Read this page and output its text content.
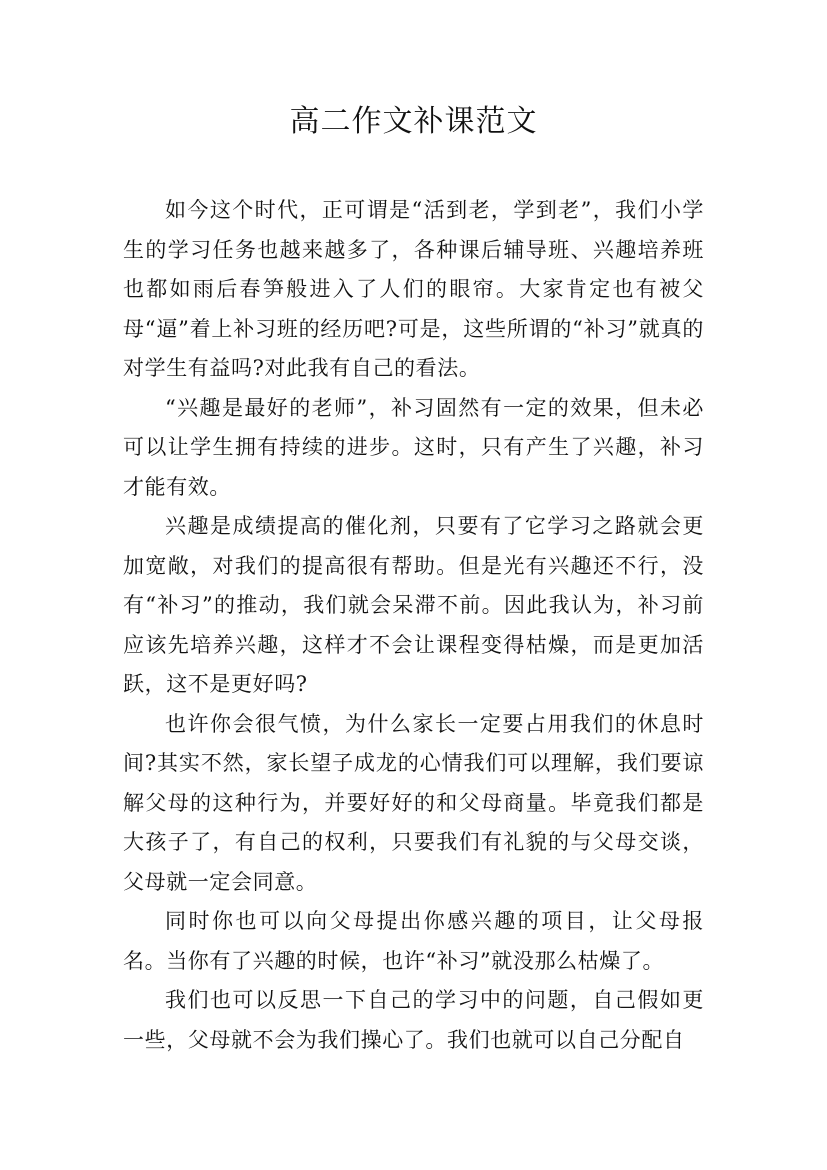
高二作文补课范文

如今这个时代，正可谓是“活到老，学到老”，我们小学生的学习任务也越来越多了，各种课后辅导班、兴趣培养班也都如雨后春笋般进入了人们的眼帘。大家肯定也有被父母“逼”着上补习班的经历吧?可是，这些所谓的“补习”就真的对学生有益吗?对此我有自己的看法。

“兴趣是最好的老师”，补习固然有一定的效果，但未必可以让学生拥有持续的进步。这时，只有产生了兴趣，补习才能有效。

兴趣是成绩提高的催化剂，只要有了它学习之路就会更加宽敞，对我们的提高很有帮助。但是光有兴趣还不行，没有“补习”的推动，我们就会呆滞不前。因此我认为，补习前应该先培养兴趣，这样才不会让课程变得枯燥，而是更加活跃，这不是更好吗?

也许你会很气愤，为什么家长一定要占用我们的休息时间?其实不然，家长望子成龙的心情我们可以理解，我们要谅解父母的这种行为，并要好好的和父母商量。毕竟我们都是大孩子了，有自己的权利，只要我们有礼貌的与父母交谈，父母就一定会同意。

同时你也可以向父母提出你感兴趣的项目，让父母报名。当你有了兴趣的时候，也许“补习”就没那么枯燥了。

我们也可以反思一下自己的学习中的问题，自己假如更一些，父母就不会为我们操心了。我们也就可以自己分配自
